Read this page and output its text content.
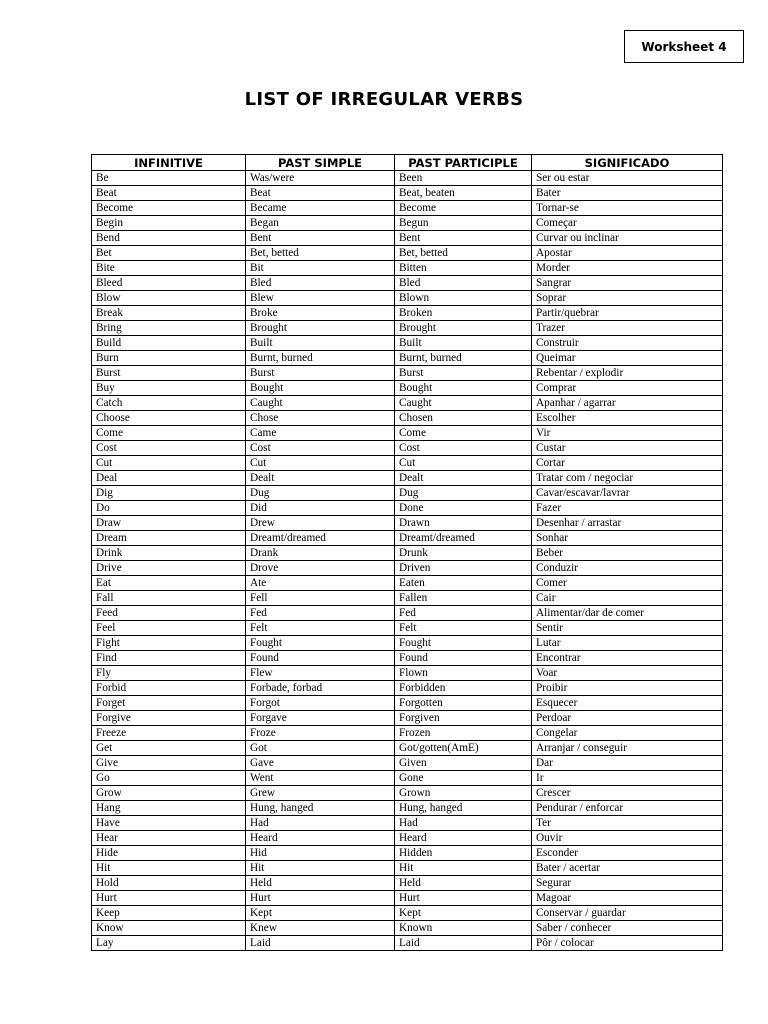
Worksheet 4
LIST OF IRREGULAR VERBS
INFINITIVE	PAST SIMPLE	PAST PARTICIPLE	SIGNIFICADO
Be	Was/were	Been	Ser ou estar
Beat	Beat	Beat, beaten	Bater
Become	Became	Become	Tornar-se
Begin	Began	Begun	Começar
Bend	Bent	Bent	Curvar ou inclinar
Bet	Bet, betted	Bet, betted	Apostar
Bite	Bit	Bitten	Morder
Bleed	Bled	Bled	Sangrar
Blow	Blew	Blown	Soprar
Break	Broke	Broken	Partir/quebrar
Bring	Brought	Brought	Trazer
Build	Built	Built	Construir
Burn	Burnt, burned	Burnt, burned	Queimar
Burst	Burst	Burst	Rebentar / explodir
Buy	Bought	Bought	Comprar
Catch	Caught	Caught	Apanhar / agarrar
Choose	Chose	Chosen	Escolher
Come	Came	Come	Vir
Cost	Cost	Cost	Custar
Cut	Cut	Cut	Cortar
Deal	Dealt	Dealt	Tratar com / negociar
Dig	Dug	Dug	Cavar/escavar/lavrar
Do	Did	Done	Fazer
Draw	Drew	Drawn	Desenhar / arrastar
Dream	Dreamt/dreamed	Dreamt/dreamed	Sonhar
Drink	Drank	Drunk	Beber
Drive	Drove	Driven	Conduzir
Eat	Ate	Eaten	Comer
Fall	Fell	Fallen	Cair
Feed	Fed	Fed	Alimentar/dar de comer
Feel	Felt	Felt	Sentir
Fight	Fought	Fought	Lutar
Find	Found	Found	Encontrar
Fly	Flew	Flown	Voar
Forbid	Forbade, forbad	Forbidden	Proibir
Forget	Forgot	Forgotten	Esquecer
Forgive	Forgave	Forgiven	Perdoar
Freeze	Froze	Frozen	Congelar
Get	Got	Got/gotten(AmE)	Arranjar / conseguir
Give	Gave	Given	Dar
Go	Went	Gone	Ir
Grow	Grew	Grown	Crescer
Hang	Hung, hanged	Hung, hanged	Pendurar / enforcar
Have	Had	Had	Ter
Hear	Heard	Heard	Ouvir
Hide	Hid	Hidden	Esconder
Hit	Hit	Hit	Bater / acertar
Hold	Held	Held	Segurar
Hurt	Hurt	Hurt	Magoar
Keep	Kept	Kept	Conservar / guardar
Know	Knew	Known	Saber / conhecer
Lay	Laid	Laid	Pôr / colocar
